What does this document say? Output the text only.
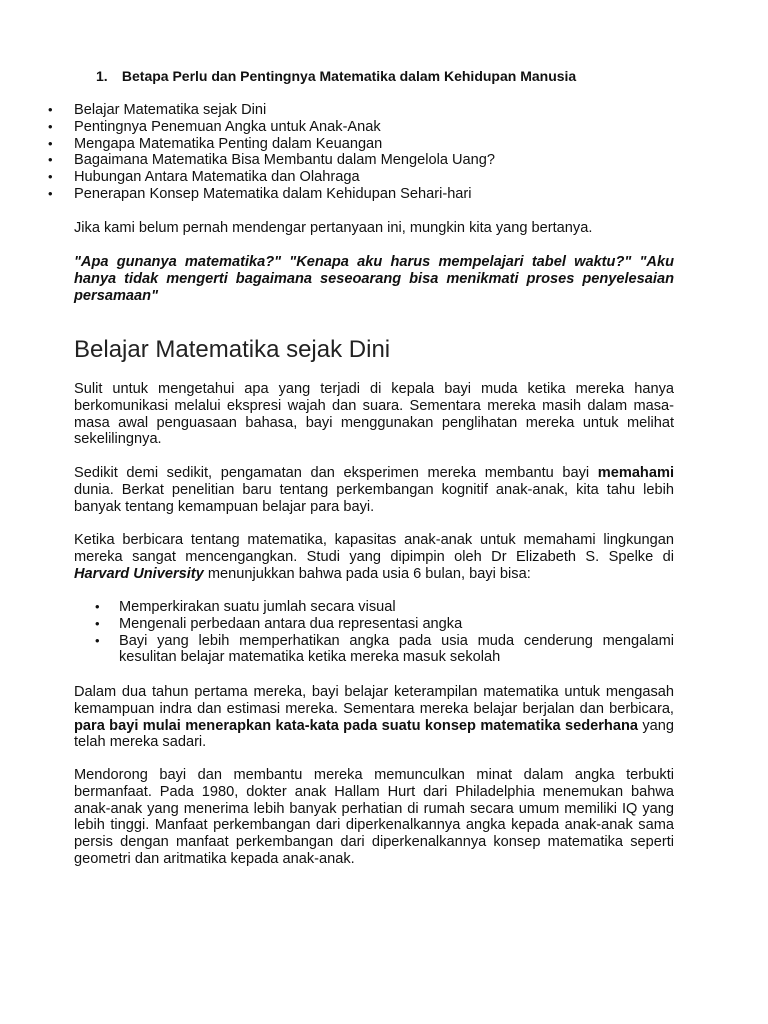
1. Betapa Perlu dan Pentingnya Matematika dalam Kehidupan Manusia
• Belajar Matematika sejak Dini
• Pentingnya Penemuan Angka untuk Anak-Anak
• Mengapa Matematika Penting dalam Keuangan
• Bagaimana Matematika Bisa Membantu dalam Mengelola Uang?
• Hubungan Antara Matematika dan Olahraga
• Penerapan Konsep Matematika dalam Kehidupan Sehari-hari

Jika kami belum pernah mendengar pertanyaan ini, mungkin kita yang bertanya.

"Apa gunanya matematika?" "Kenapa aku harus mempelajari tabel waktu?" "Aku hanya tidak mengerti bagaimana seseoarang bisa menikmati proses penyelesaian persamaan"

Belajar Matematika sejak Dini

Sulit untuk mengetahui apa yang terjadi di kepala bayi muda ketika mereka hanya berkomunikasi melalui ekspresi wajah dan suara. Sementara mereka masih dalam masa-masa awal penguasaan bahasa, bayi menggunakan penglihatan mereka untuk melihat sekelilingnya.

Sedikit demi sedikit, pengamatan dan eksperimen mereka membantu bayi memahami dunia. Berkat penelitian baru tentang perkembangan kognitif anak-anak, kita tahu lebih banyak tentang kemampuan belajar para bayi.

Ketika berbicara tentang matematika, kapasitas anak-anak untuk memahami lingkungan mereka sangat mencengangkan. Studi yang dipimpin oleh Dr Elizabeth S. Spelke di Harvard University menunjukkan bahwa pada usia 6 bulan, bayi bisa:

• Memperkirakan suatu jumlah secara visual
• Mengenali perbedaan antara dua representasi angka
• Bayi yang lebih memperhatikan angka pada usia muda cenderung mengalami kesulitan belajar matematika ketika mereka masuk sekolah

Dalam dua tahun pertama mereka, bayi belajar keterampilan matematika untuk mengasah kemampuan indra dan estimasi mereka. Sementara mereka belajar berjalan dan berbicara, para bayi mulai menerapkan kata-kata pada suatu konsep matematika sederhana yang telah mereka sadari.

Mendorong bayi dan membantu mereka memunculkan minat dalam angka terbukti bermanfaat. Pada 1980, dokter anak Hallam Hurt dari Philadelphia menemukan bahwa anak-anak yang menerima lebih banyak perhatian di rumah secara umum memiliki IQ yang lebih tinggi. Manfaat perkembangan dari diperkenalkannya angka kepada anak-anak sama persis dengan manfaat perkembangan dari diperkenalkannya konsep matematika seperti geometri dan aritmatika kepada anak-anak.
